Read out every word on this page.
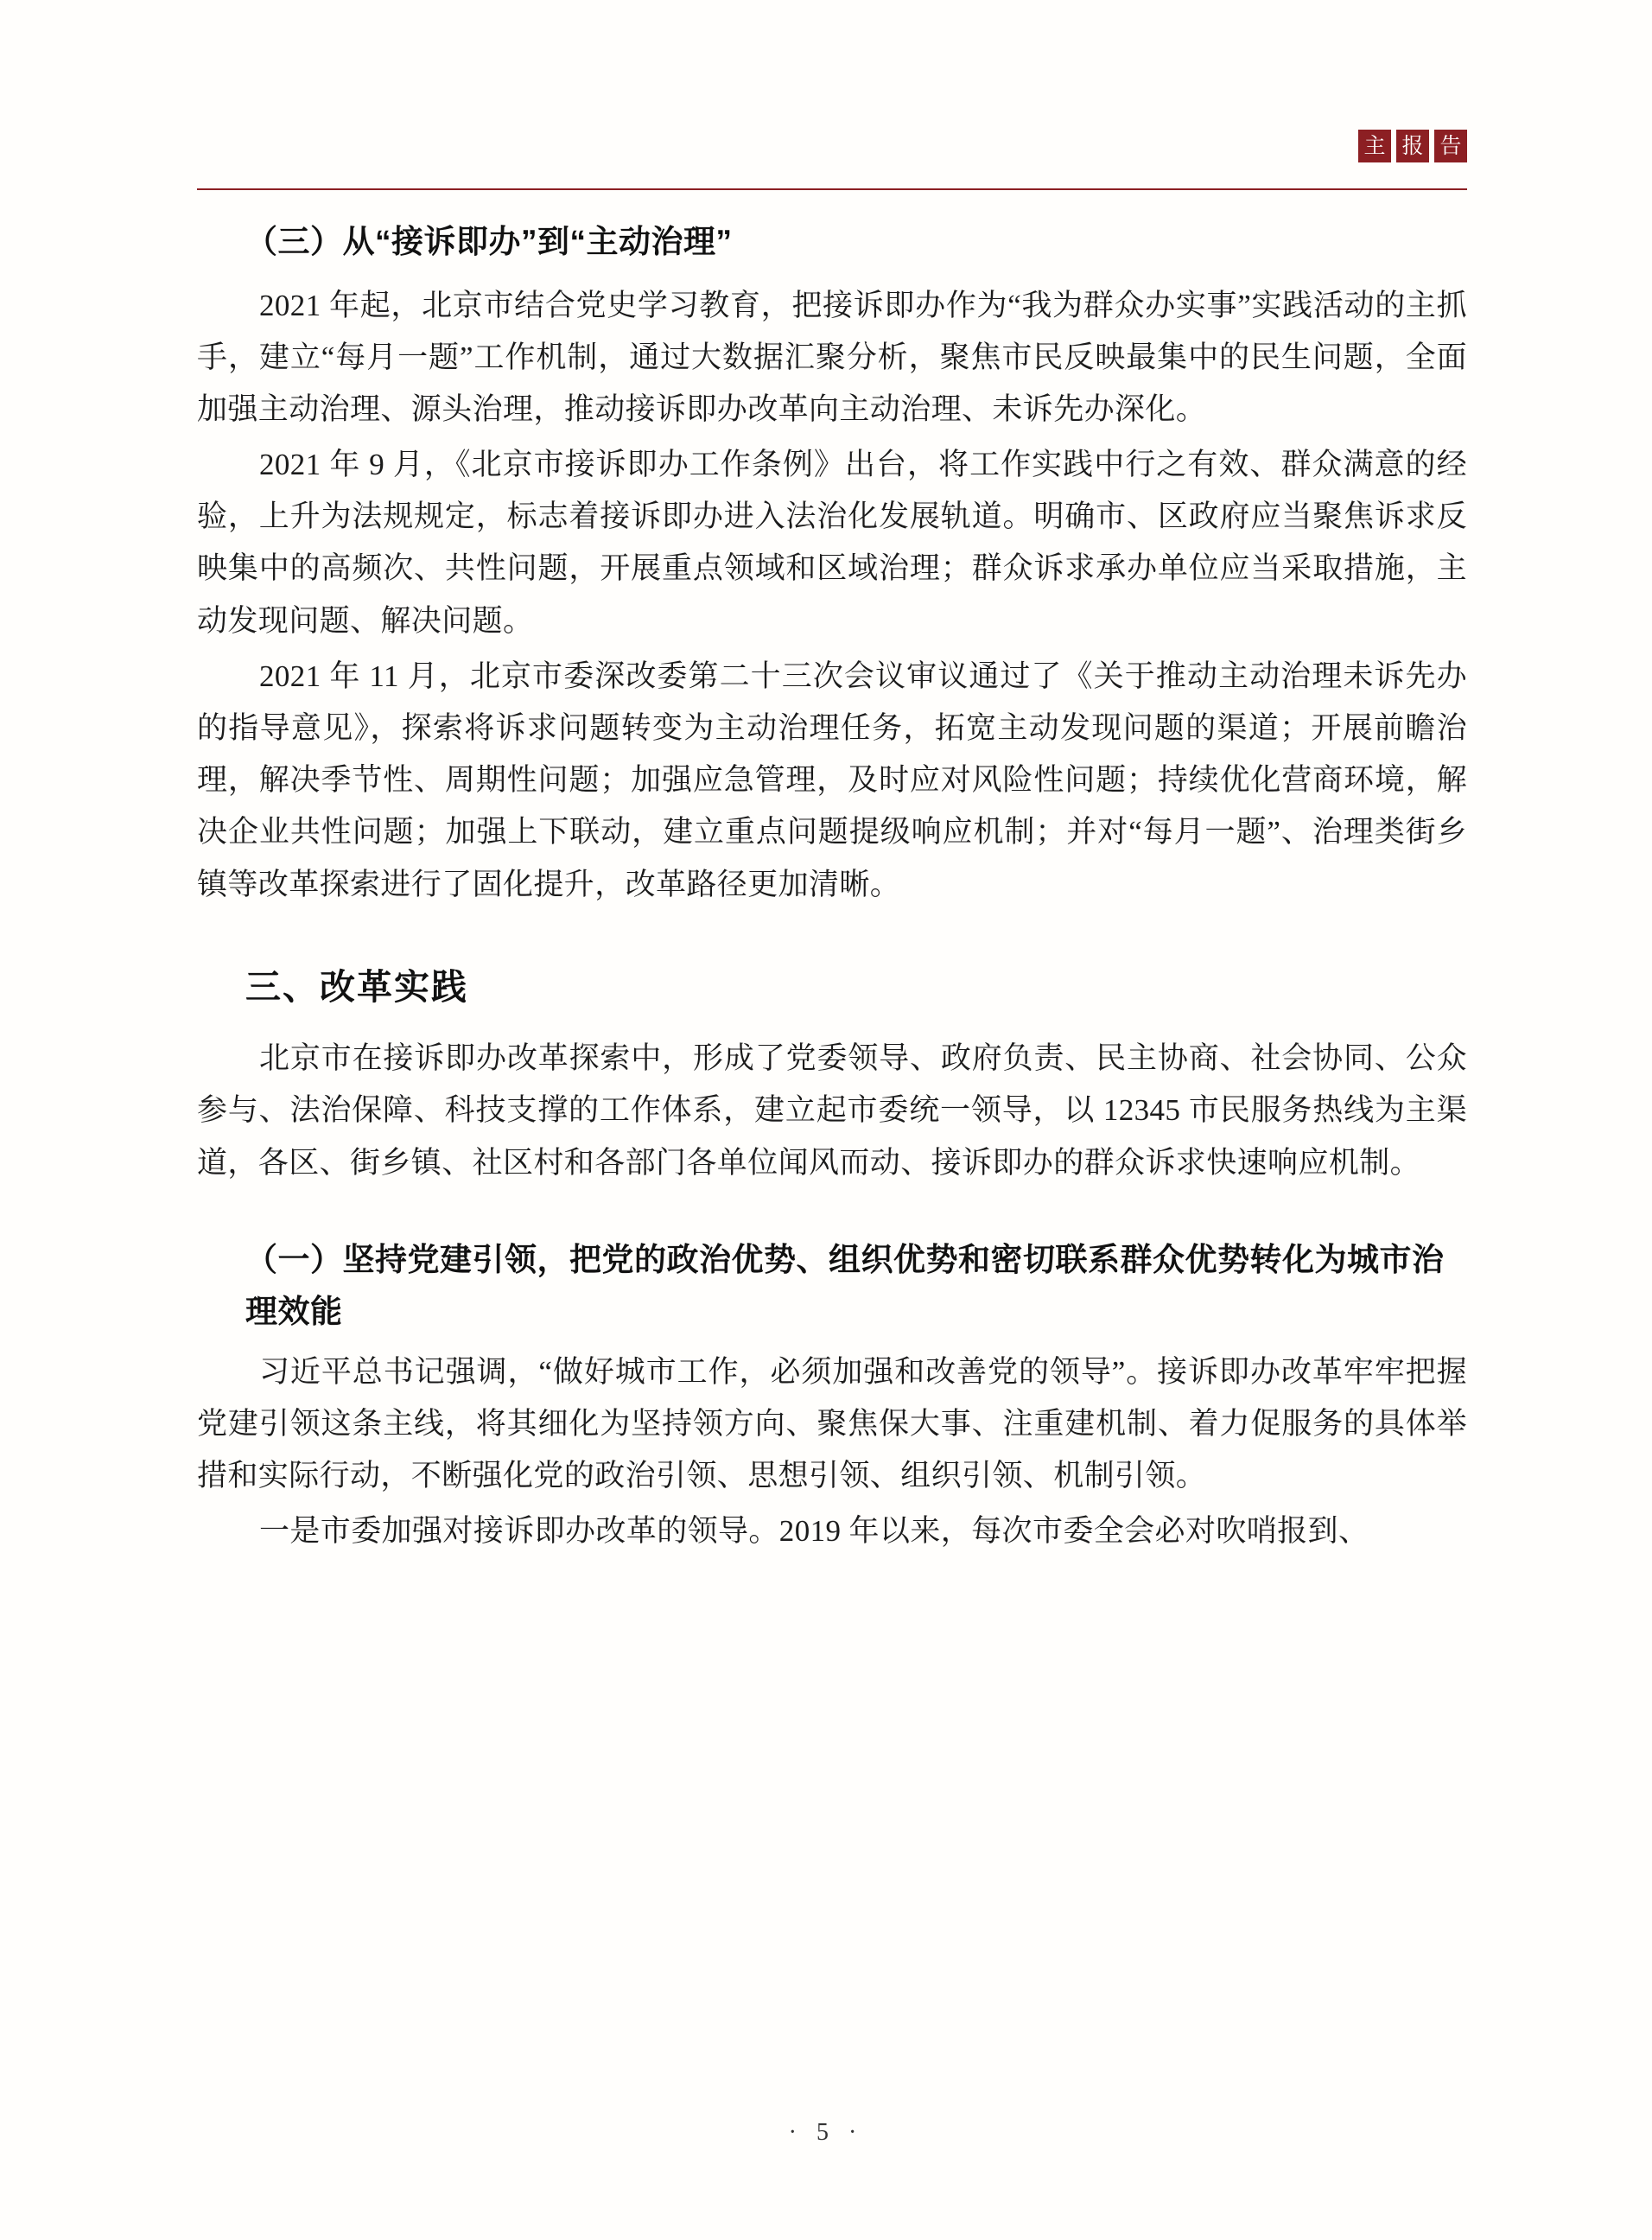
主 报 告
（三）从“接诉即办”到“主动治理”

2021 年起，北京市结合党史学习教育，把接诉即办作为“我为群众办实事”实践活动的主抓手，建立“每月一题”工作机制，通过大数据汇聚分析，聚焦市民反映最集中的民生问题，全面加强主动治理、源头治理，推动接诉即办改革向主动治理、未诉先办深化。

2021 年 9 月，《北京市接诉即办工作条例》出台，将工作实践中行之有效、群众满意的经验，上升为法规规定，标志着接诉即办进入法治化发展轨道。明确市、区政府应当聚焦诉求反映集中的高频次、共性问题，开展重点领域和区域治理；群众诉求承办单位应当采取措施，主动发现问题、解决问题。

2021 年 11 月，北京市委深改委第二十三次会议审议通过了《关于推动主动治理未诉先办的指导意见》，探索将诉求问题转变为主动治理任务，拓宽主动发现问题的渠道；开展前瞻治理，解决季节性、周期性问题；加强应急管理，及时应对风险性问题；持续优化营商环境，解决企业共性问题；加强上下联动，建立重点问题提级响应机制；并对“每月一题”、治理类街乡镇等改革探索进行了固化提升，改革路径更加清晰。

三、改革实践

北京市在接诉即办改革探索中，形成了党委领导、政府负责、民主协商、社会协同、公众参与、法治保障、科技支撑的工作体系，建立起市委统一领导，以 12345 市民服务热线为主渠道，各区、街乡镇、社区村和各部门各单位闻风而动、接诉即办的群众诉求快速响应机制。

（一）坚持党建引领，把党的政治优势、组织优势和密切联系群众优势转化为城市治理效能

习近平总书记强调，“做好城市工作，必须加强和改善党的领导”。接诉即办改革牢牢把握党建引领这条主线，将其细化为坚持领方向、聚焦保大事、注重建机制、着力促服务的具体举措和实际行动，不断强化党的政治引领、思想引领、组织引领、机制引领。

一是市委加强对接诉即办改革的领导。2019 年以来，每次市委全会必对吹哨报到、

· 5 ·
